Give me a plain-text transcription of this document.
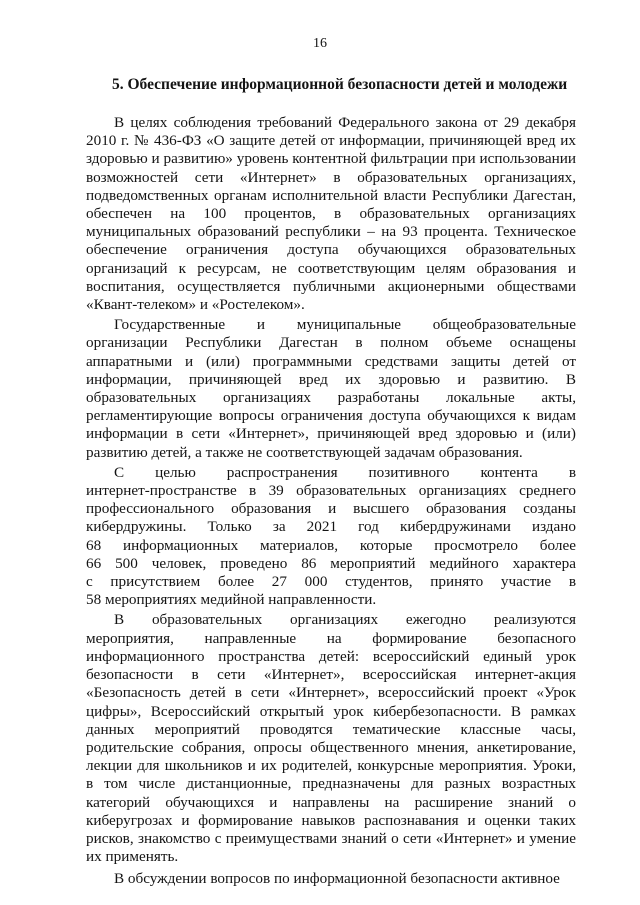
16
5. Обеспечение информационной безопасности детей и молодежи
В целях соблюдения требований Федерального закона от 29 декабря
2010 г. № 436-ФЗ «О защите детей от информации, причиняющей вред их
здоровью и развитию» уровень контентной фильтрации при использовании
возможностей сети «Интернет» в образовательных организациях,
подведомственных органам исполнительной власти Республики Дагестан,
обеспечен на 100 процентов, в образовательных организациях
муниципальных образований республики – на 93 процента. Техническое
обеспечение ограничения доступа обучающихся образовательных
организаций к ресурсам, не соответствующим целям образования и
воспитания, осуществляется публичными акционерными обществами
«Квант-телеком» и «Ростелеком».
Государственные и муниципальные общеобразовательные
организации Республики Дагестан в полном объеме оснащены
аппаратными и (или) программными средствами защиты детей от
информации, причиняющей вред их здоровью и развитию. В
образовательных организациях разработаны локальные акты,
регламентирующие вопросы ограничения доступа обучающихся к видам
информации в сети «Интернет», причиняющей вред здоровью и (или)
развитию детей, а также не соответствующей задачам образования.
С целью распространения позитивного контента в
интернет-пространстве в 39 образовательных организациях среднего
профессионального образования и высшего образования созданы
кибердружины. Только за 2021 год кибердружинами издано
68 информационных материалов, которые просмотрело более
66 500 человек, проведено 86 мероприятий медийного характера
с присутствием более 27 000 студентов, принято участие в
58 мероприятиях медийной направленности.
В образовательных организациях ежегодно реализуются
мероприятия, направленные на формирование безопасного
информационного пространства детей: всероссийский единый урок
безопасности в сети «Интернет», всероссийская интернет-акция
«Безопасность детей в сети «Интернет», всероссийский проект «Урок
цифры», Всероссийский открытый урок кибербезопасности. В рамках
данных мероприятий проводятся тематические классные часы,
родительские собрания, опросы общественного мнения, анкетирование,
лекции для школьников и их родителей, конкурсные мероприятия. Уроки,
в том числе дистанционные, предназначены для разных возрастных
категорий обучающихся и направлены на расширение знаний о
киберугрозах и формирование навыков распознавания и оценки таких
рисков, знакомство с преимуществами знаний о сети «Интернет» и умение
их применять.
В обсуждении вопросов по информационной безопасности активное
